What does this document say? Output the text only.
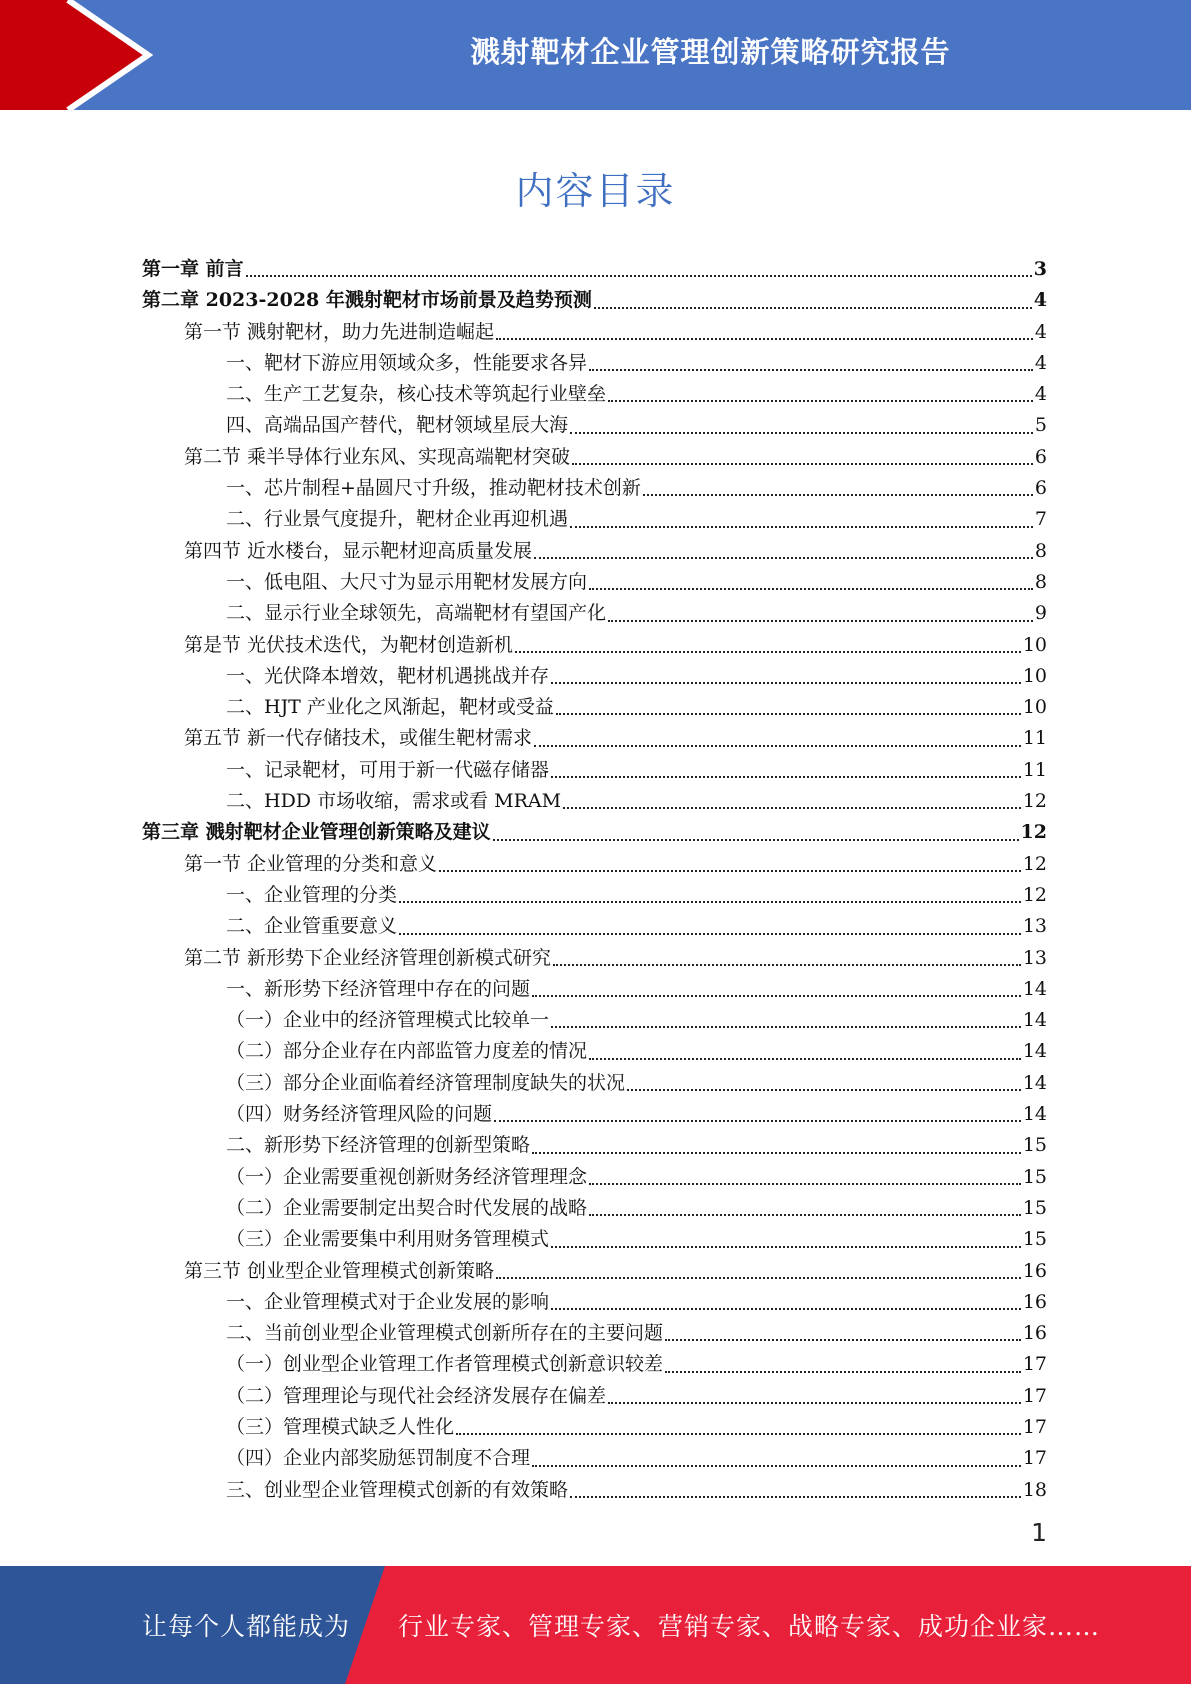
溅射靶材企业管理创新策略研究报告
内容目录
第一章 前言	3
第二章 2023-2028 年溅射靶材市场前景及趋势预测	4
第一节 溅射靶材，助力先进制造崛起	4
一、靶材下游应用领域众多，性能要求各异	4
二、生产工艺复杂，核心技术等筑起行业壁垒	4
四、高端品国产替代，靶材领域星辰大海	5
第二节 乘半导体行业东风、实现高端靶材突破	6
一、芯片制程+晶圆尺寸升级，推动靶材技术创新	6
二、行业景气度提升，靶材企业再迎机遇	7
第四节 近水楼台，显示靶材迎高质量发展	8
一、低电阻、大尺寸为显示用靶材发展方向	8
二、显示行业全球领先，高端靶材有望国产化	9
第是节 光伏技术迭代，为靶材创造新机	10
一、光伏降本增效，靶材机遇挑战并存	10
二、HJT 产业化之风渐起，靶材或受益	10
第五节 新一代存储技术，或催生靶材需求	11
一、记录靶材，可用于新一代磁存储器	11
二、HDD 市场收缩，需求或看 MRAM	12
第三章 溅射靶材企业管理创新策略及建议	12
第一节 企业管理的分类和意义	12
一、企业管理的分类	12
二、企业管重要意义	13
第二节 新形势下企业经济管理创新模式研究	13
一、新形势下经济管理中存在的问题	14
（一）企业中的经济管理模式比较单一	14
（二）部分企业存在内部监管力度差的情况	14
（三）部分企业面临着经济管理制度缺失的状况	14
（四）财务经济管理风险的问题	14
二、新形势下经济管理的创新型策略	15
（一）企业需要重视创新财务经济管理理念	15
（二）企业需要制定出契合时代发展的战略	15
（三）企业需要集中利用财务管理模式	15
第三节 创业型企业管理模式创新策略	16
一、企业管理模式对于企业发展的影响	16
二、当前创业型企业管理模式创新所存在的主要问题	16
（一）创业型企业管理工作者管理模式创新意识较差	17
（二）管理理论与现代社会经济发展存在偏差	17
（三）管理模式缺乏人性化	17
（四）企业内部奖励惩罚制度不合理	17
三、创业型企业管理模式创新的有效策略	18
1
让每个人都能成为 行业专家、管理专家、营销专家、战略专家、成功企业家……
